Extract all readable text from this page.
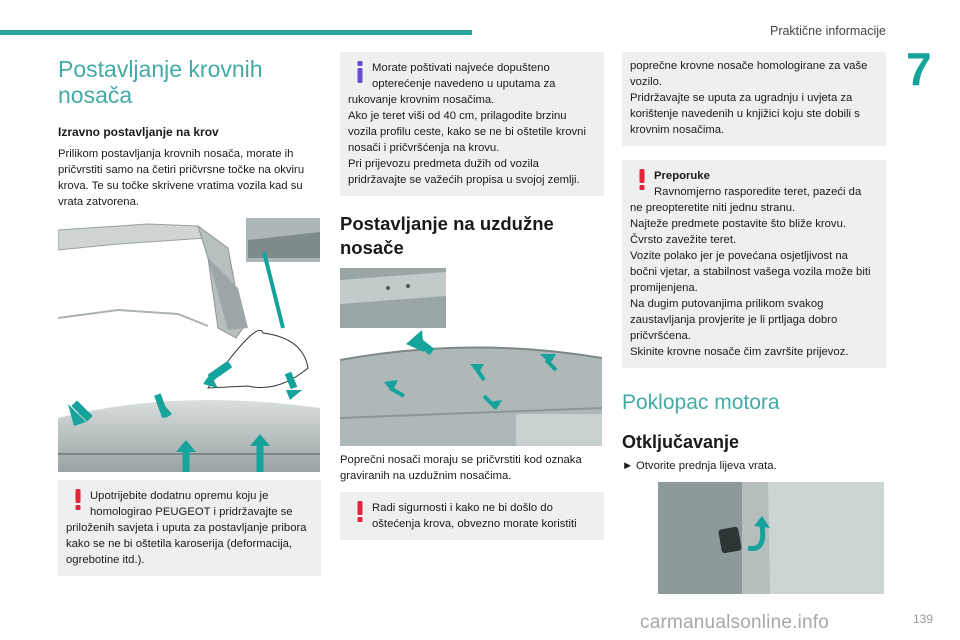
Praktične informacije
7
Postavljanje krovnih nosača
Izravno postavljanje na krov

Prilikom postavljanja krovnih nosača, morate ih pričvrstiti samo na četiri pričvrsne točke na okviru krova. Te su točke skrivene vratima vozila kad su vrata zatvorena.

Upotrijebite dodatnu opremu koju je homologirao PEUGEOT i pridržavajte se
priloženih savjeta i uputa za postavljanje pribora kako se ne bi oštetila karoserija (deformacija, ogrebotine itd.).
Morate poštivati najveće dopušteno opterećenje navedeno u uputama za
rukovanje krovnim nosačima.
Ako je teret viši od 40 cm, prilagodite brzinu vozila profilu ceste, kako se ne bi oštetile krovni nosači i pričvršćenja na krovu.
Pri prijevozu predmeta dužih od vozila pridržavajte se važećih propisa u svojoj zemlji.
Postavljanje na uzdužne nosače

Poprečni nosači moraju se pričvrstiti kod oznaka graviranih na uzdužnim nosačima.

Radi sigurnosti i kako ne bi došlo do
oštećenja krova, obvezno morate koristiti
poprečne krovne nosače homologirane za vaše vozilo.
Pridržavajte se uputa za ugradnju i uvjeta za korištenje navedenih u knjižici koju ste dobili s krovnim nosačima.
Preporuke
Ravnomjerno rasporedite teret, pazeći da
ne preopteretite niti jednu stranu.
Najteže predmete postavite što bliže krovu.
Čvrsto zavežite teret.
Vozite polako jer je povećana osjetljivost na bočni vjetar, a stabilnost vašega vozila može biti promijenjena.
Na dugim putovanjima prilikom svakog zaustavljanja provjerite je li prtljaga dobro pričvršćena.
Skinite krovne nosače čim završite prijevoz.
Poklopac motora
Otključavanje
► Otvorite prednja lijeva vrata.
carmanualsonline.info	139
